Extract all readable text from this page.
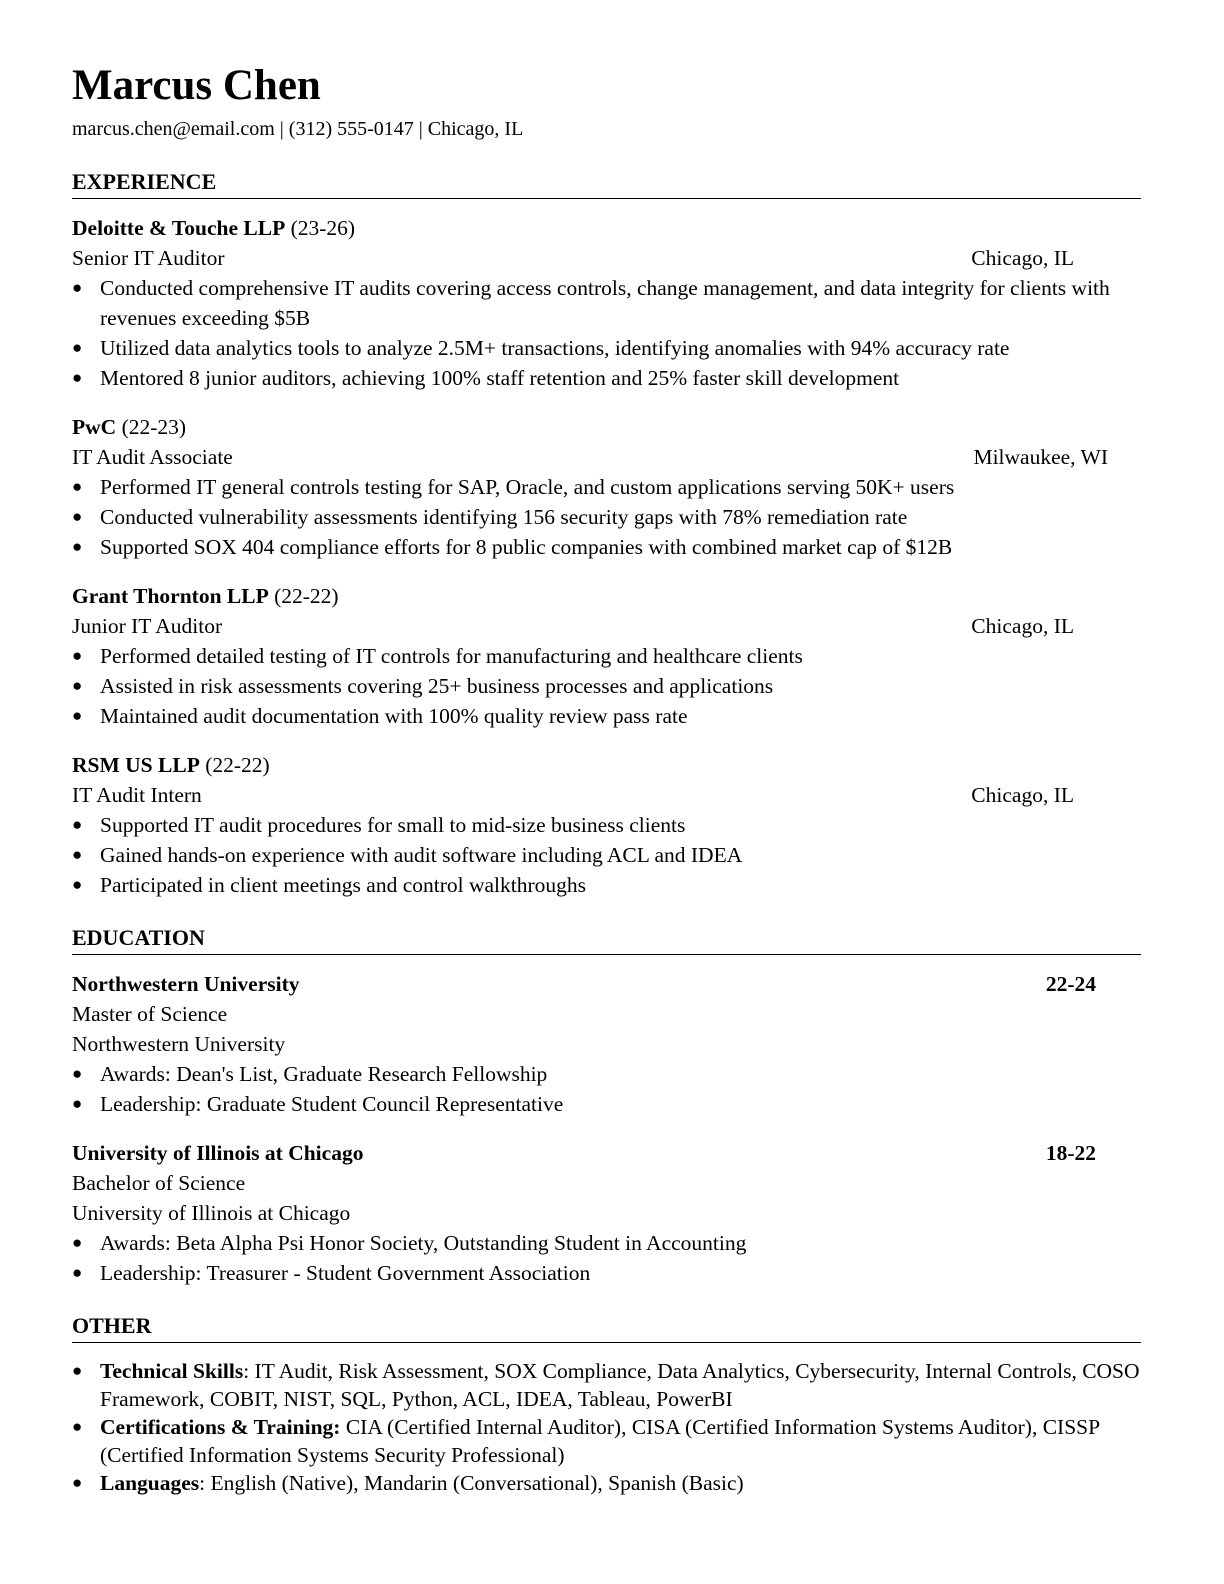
Marcus Chen
marcus.chen@email.com | (312) 555-0147 | Chicago, IL
EXPERIENCE
Deloitte & Touche LLP (23-26)
Senior IT Auditor	Chicago, IL
● Conducted comprehensive IT audits covering access controls, change management, and data integrity for clients with revenues exceeding $5B
● Utilized data analytics tools to analyze 2.5M+ transactions, identifying anomalies with 94% accuracy rate
● Mentored 8 junior auditors, achieving 100% staff retention and 25% faster skill development
PwC (22-23)
IT Audit Associate	Milwaukee, WI
● Performed IT general controls testing for SAP, Oracle, and custom applications serving 50K+ users
● Conducted vulnerability assessments identifying 156 security gaps with 78% remediation rate
● Supported SOX 404 compliance efforts for 8 public companies with combined market cap of $12B
Grant Thornton LLP (22-22)
Junior IT Auditor	Chicago, IL
● Performed detailed testing of IT controls for manufacturing and healthcare clients
● Assisted in risk assessments covering 25+ business processes and applications
● Maintained audit documentation with 100% quality review pass rate
RSM US LLP (22-22)
IT Audit Intern	Chicago, IL
● Supported IT audit procedures for small to mid-size business clients
● Gained hands-on experience with audit software including ACL and IDEA
● Participated in client meetings and control walkthroughs
EDUCATION
Northwestern University	22-24
Master of Science
Northwestern University
● Awards: Dean's List, Graduate Research Fellowship
● Leadership: Graduate Student Council Representative
University of Illinois at Chicago	18-22
Bachelor of Science
University of Illinois at Chicago
● Awards: Beta Alpha Psi Honor Society, Outstanding Student in Accounting
● Leadership: Treasurer - Student Government Association
OTHER
● Technical Skills: IT Audit, Risk Assessment, SOX Compliance, Data Analytics, Cybersecurity, Internal Controls, COSO Framework, COBIT, NIST, SQL, Python, ACL, IDEA, Tableau, PowerBI
● Certifications & Training: CIA (Certified Internal Auditor), CISA (Certified Information Systems Auditor), CISSP (Certified Information Systems Security Professional)
● Languages: English (Native), Mandarin (Conversational), Spanish (Basic)
